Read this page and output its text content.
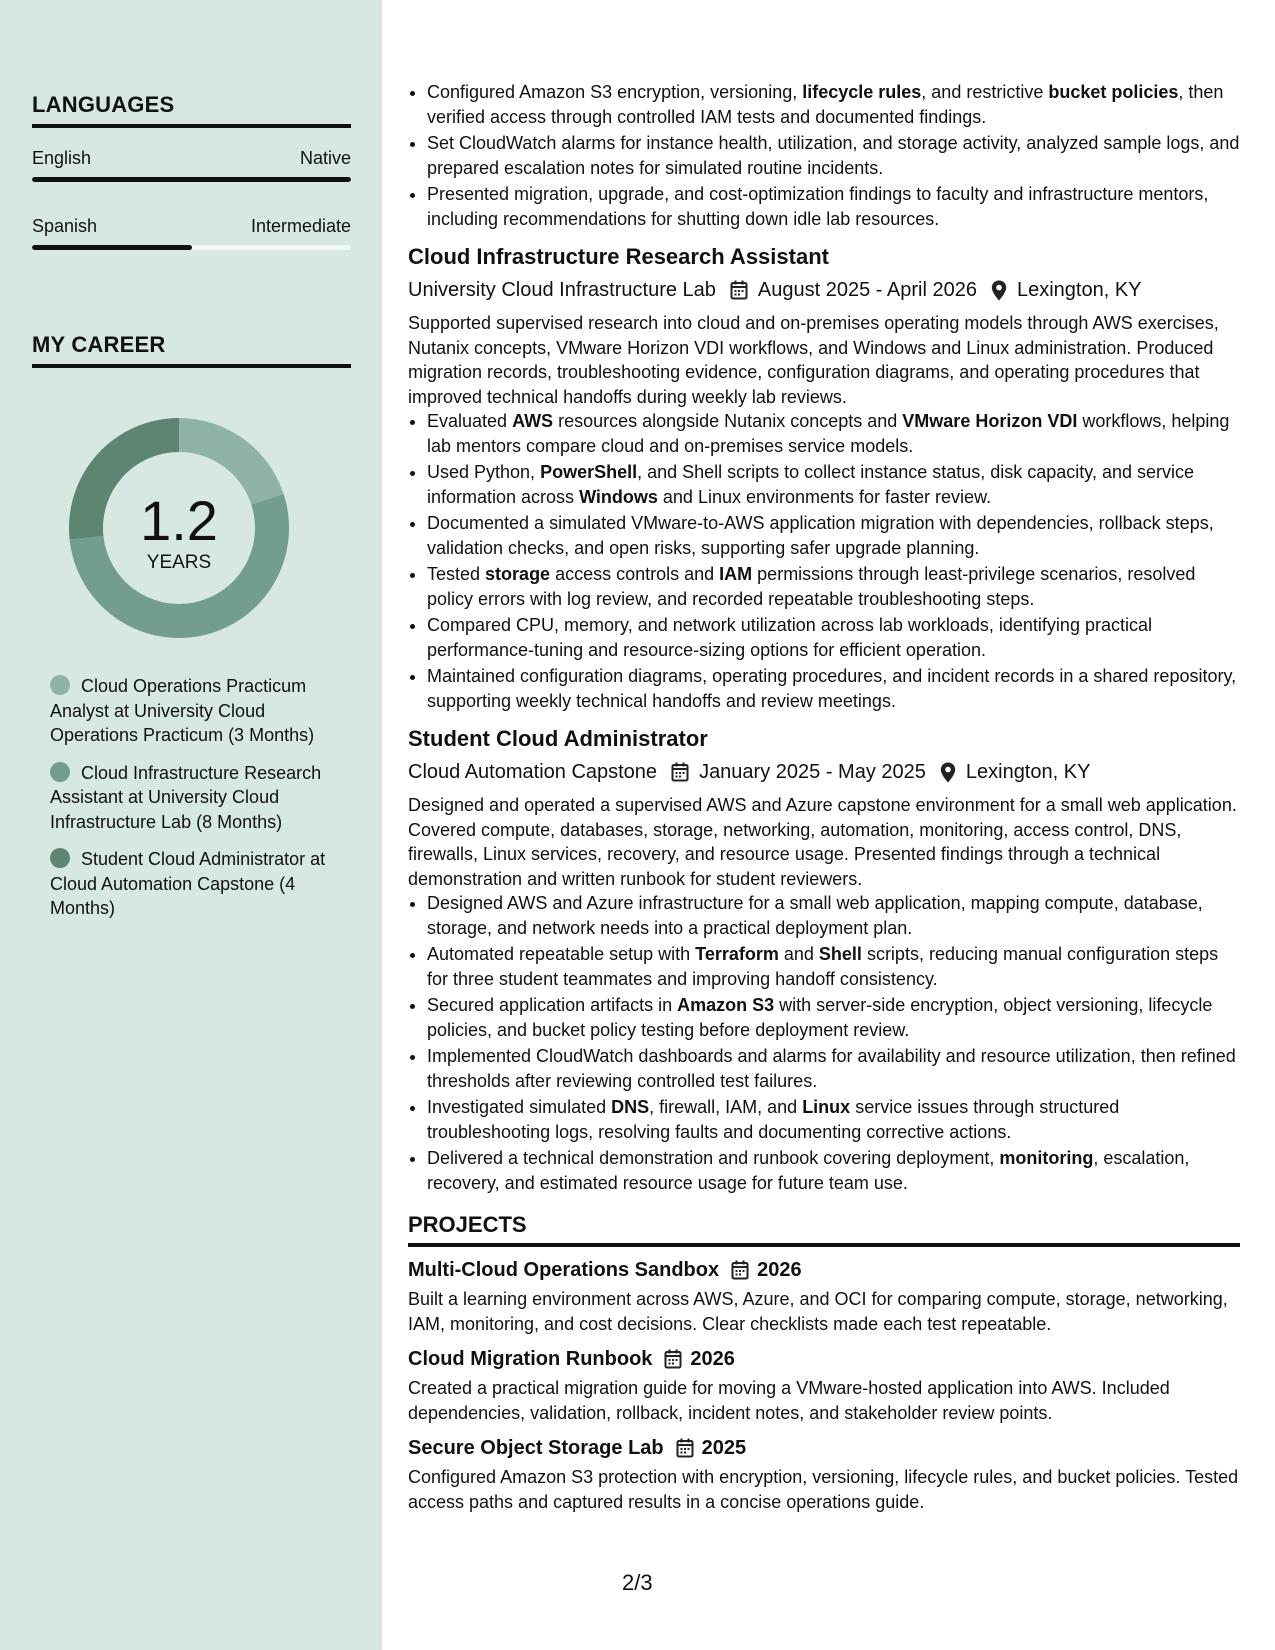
LANGUAGES
English	Native
Spanish	Intermediate
MY CAREER
1.2
YEARS
Cloud Operations Practicum Analyst at University Cloud Operations Practicum (3 Months)
Cloud Infrastructure Research Assistant at University Cloud Infrastructure Lab (8 Months)
Student Cloud Administrator at Cloud Automation Capstone (4 Months)
• Configured Amazon S3 encryption, versioning, lifecycle rules, and restrictive bucket policies, then verified access through controlled IAM tests and documented findings.
• Set CloudWatch alarms for instance health, utilization, and storage activity, analyzed sample logs, and prepared escalation notes for simulated routine incidents.
• Presented migration, upgrade, and cost-optimization findings to faculty and infrastructure mentors, including recommendations for shutting down idle lab resources.
Cloud Infrastructure Research Assistant
University Cloud Infrastructure Lab August 2025 - April 2026 Lexington, KY
Supported supervised research into cloud and on-premises operating models through AWS exercises, Nutanix concepts, VMware Horizon VDI workflows, and Windows and Linux administration. Produced migration records, troubleshooting evidence, configuration diagrams, and operating procedures that improved technical handoffs during weekly lab reviews.
• Evaluated AWS resources alongside Nutanix concepts and VMware Horizon VDI workflows, helping lab mentors compare cloud and on-premises service models.
• Used Python, PowerShell, and Shell scripts to collect instance status, disk capacity, and service information across Windows and Linux environments for faster review.
• Documented a simulated VMware-to-AWS application migration with dependencies, rollback steps, validation checks, and open risks, supporting safer upgrade planning.
• Tested storage access controls and IAM permissions through least-privilege scenarios, resolved policy errors with log review, and recorded repeatable troubleshooting steps.
• Compared CPU, memory, and network utilization across lab workloads, identifying practical performance-tuning and resource-sizing options for efficient operation.
• Maintained configuration diagrams, operating procedures, and incident records in a shared repository, supporting weekly technical handoffs and review meetings.
Student Cloud Administrator
Cloud Automation Capstone January 2025 - May 2025 Lexington, KY
Designed and operated a supervised AWS and Azure capstone environment for a small web application. Covered compute, databases, storage, networking, automation, monitoring, access control, DNS, firewalls, Linux services, recovery, and resource usage. Presented findings through a technical demonstration and written runbook for student reviewers.
• Designed AWS and Azure infrastructure for a small web application, mapping compute, database, storage, and network needs into a practical deployment plan.
• Automated repeatable setup with Terraform and Shell scripts, reducing manual configuration steps for three student teammates and improving handoff consistency.
• Secured application artifacts in Amazon S3 with server-side encryption, object versioning, lifecycle policies, and bucket policy testing before deployment review.
• Implemented CloudWatch dashboards and alarms for availability and resource utilization, then refined thresholds after reviewing controlled test failures.
• Investigated simulated DNS, firewall, IAM, and Linux service issues through structured troubleshooting logs, resolving faults and documenting corrective actions.
• Delivered a technical demonstration and runbook covering deployment, monitoring, escalation, recovery, and estimated resource usage for future team use.
PROJECTS
Multi-Cloud Operations Sandbox 2026
Built a learning environment across AWS, Azure, and OCI for comparing compute, storage, networking, IAM, monitoring, and cost decisions. Clear checklists made each test repeatable.
Cloud Migration Runbook 2026
Created a practical migration guide for moving a VMware-hosted application into AWS. Included dependencies, validation, rollback, incident notes, and stakeholder review points.
Secure Object Storage Lab 2025
Configured Amazon S3 protection with encryption, versioning, lifecycle rules, and bucket policies. Tested access paths and captured results in a concise operations guide.
2/3
